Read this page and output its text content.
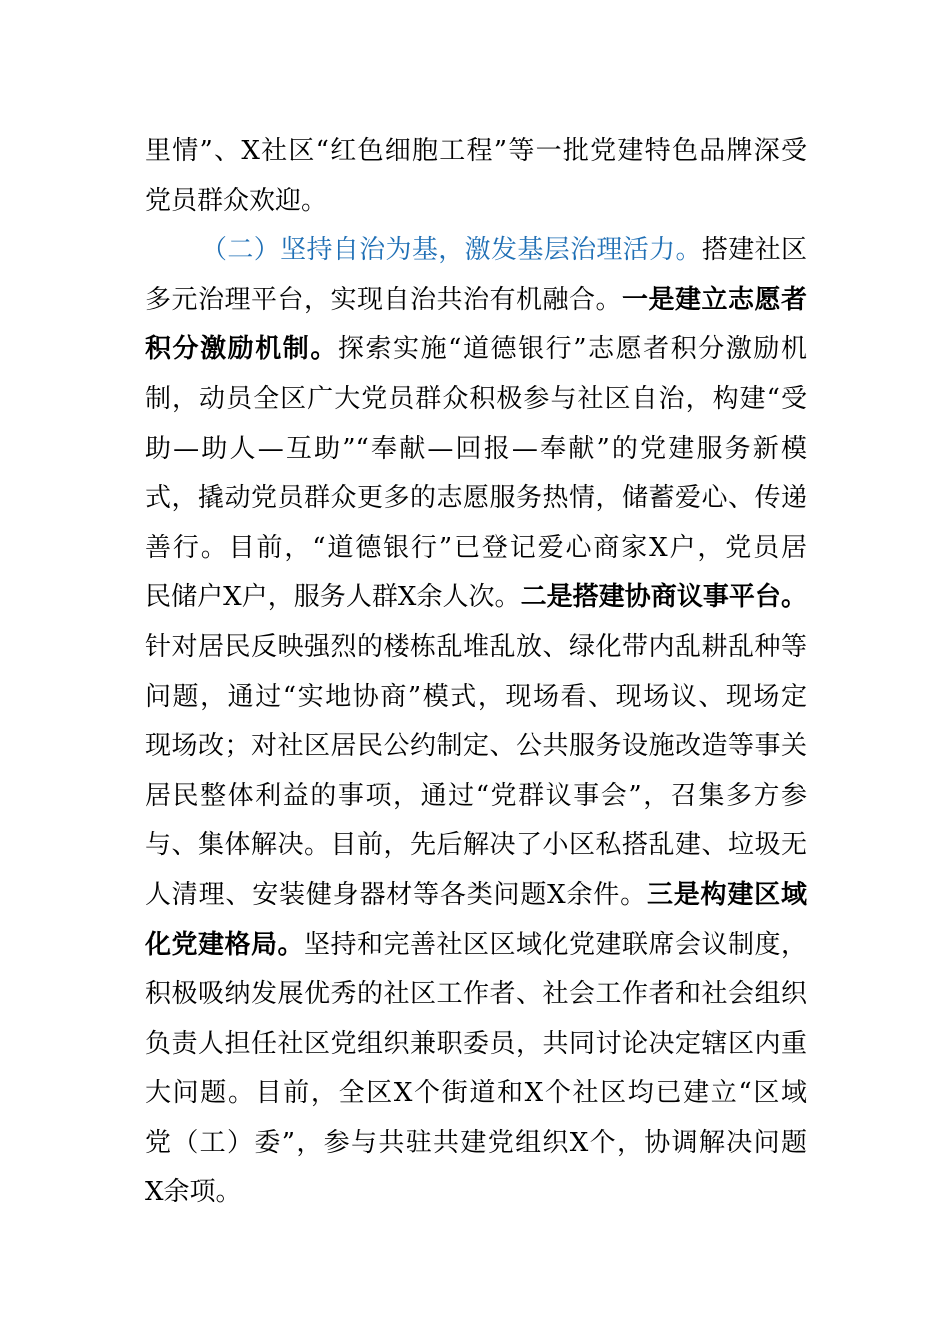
里情”、X社区“红色细胞工程”等一批党建特色品牌深受
党员群众欢迎。
（二）坚持自治为基，激发基层治理活力。搭建社区
多元治理平台，实现自治共治有机融合。一是建立志愿者
积分激励机制。探索实施“道德银行”志愿者积分激励机
制，动员全区广大党员群众积极参与社区自治，构建“受
助—助人—互助”“奉献—回报—奉献”的党建服务新模
式，撬动党员群众更多的志愿服务热情，储蓄爱心、传递
善行。目前，“道德银行”已登记爱心商家X户，党员居
民储户X户，服务人群X余人次。二是搭建协商议事平台。
针对居民反映强烈的楼栋乱堆乱放、绿化带内乱耕乱种等
问题，通过“实地协商”模式，现场看、现场议、现场定
现场改；对社区居民公约制定、公共服务设施改造等事关
居民整体利益的事项，通过“党群议事会”，召集多方参
与、集体解决。目前，先后解决了小区私搭乱建、垃圾无
人清理、安装健身器材等各类问题X余件。三是构建区域
化党建格局。坚持和完善社区区域化党建联席会议制度，
积极吸纳发展优秀的社区工作者、社会工作者和社会组织
负责人担任社区党组织兼职委员，共同讨论决定辖区内重
大问题。目前，全区X个街道和X个社区均已建立“区域
党（工）委”，参与共驻共建党组织X个，协调解决问题
X余项。
